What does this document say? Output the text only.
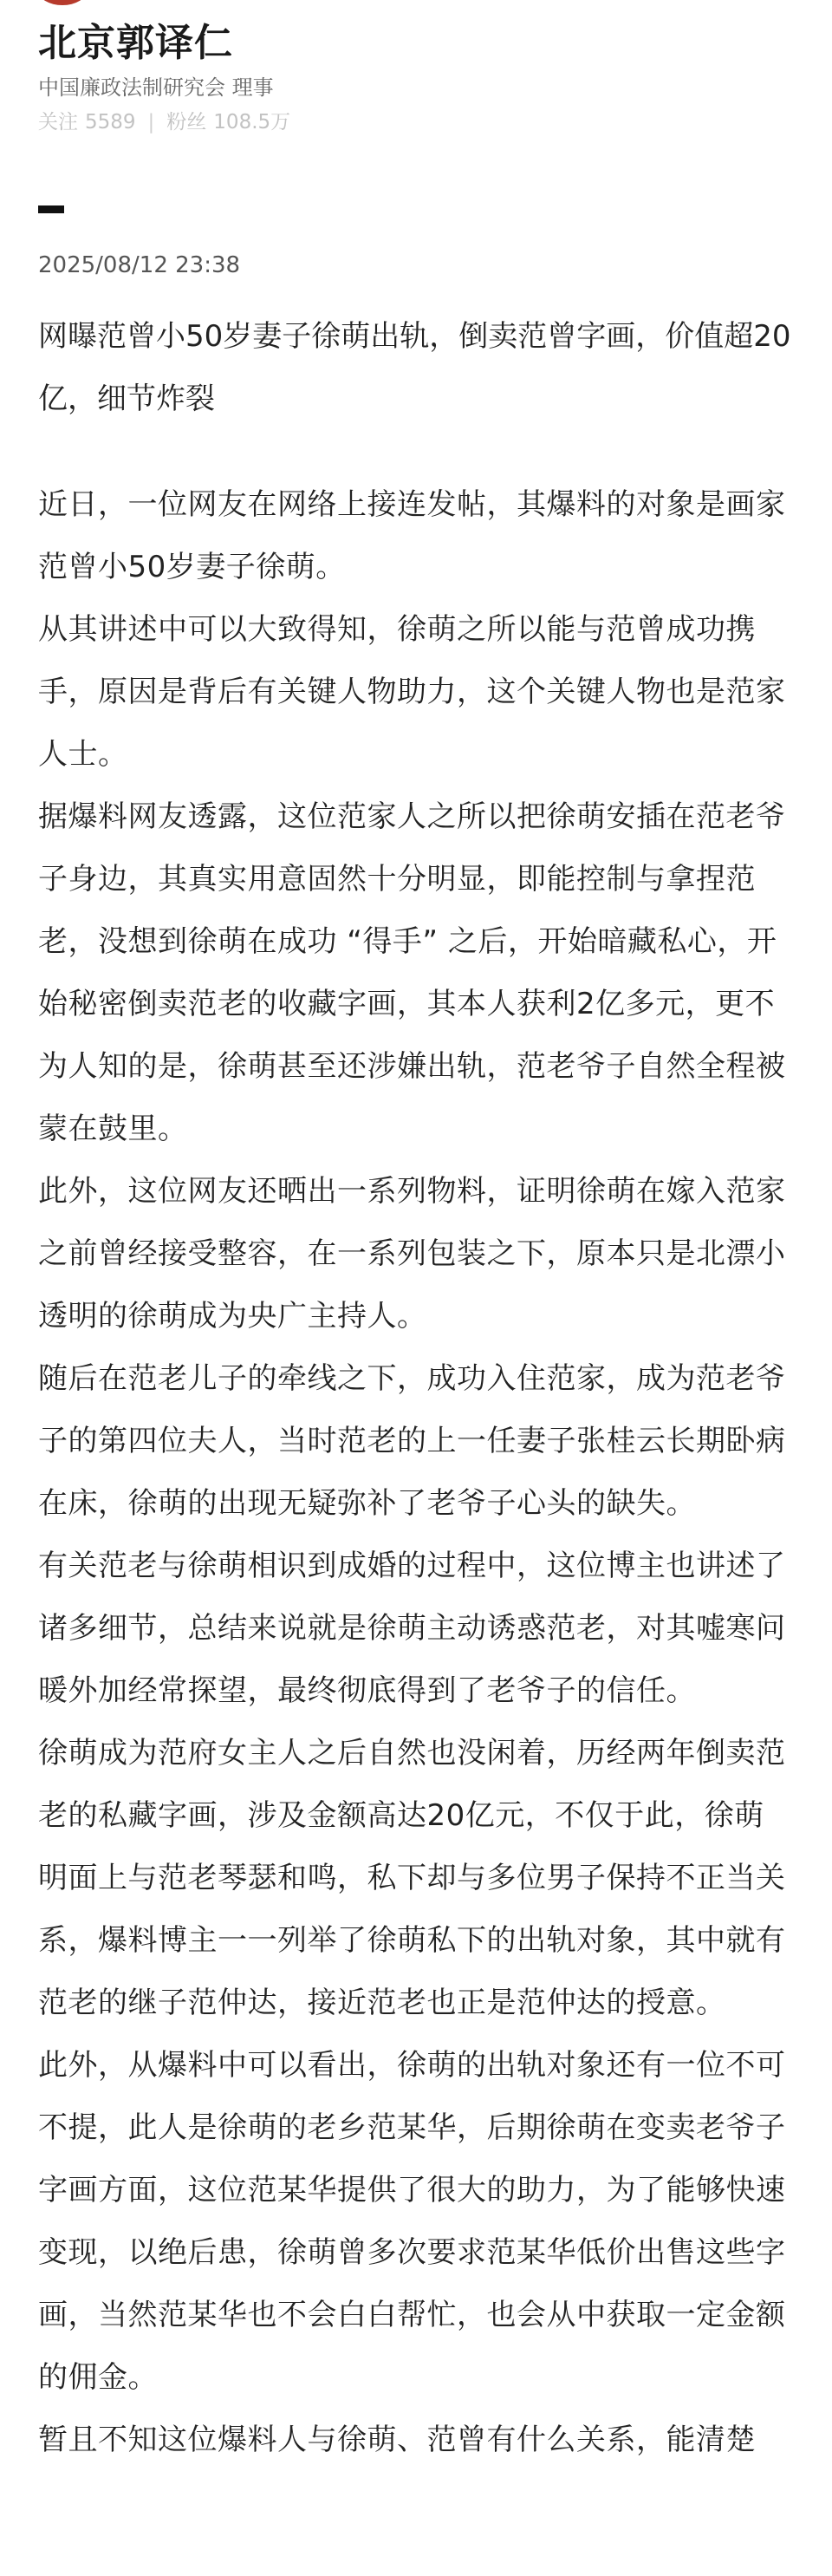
北京郭译仁
中国廉政法制研究会 理事
关注 5589 | 粉丝 108.5万
2025/08/12 23:38

网曝范曾小50岁妻子徐萌出轨，倒卖范曾字画，价值超20亿，细节炸裂

近日，一位网友在网络上接连发帖，其爆料的对象是画家范曾小50岁妻子徐萌。

从其讲述中可以大致得知，徐萌之所以能与范曾成功携手，原因是背后有关键人物助力，这个关键人物也是范家人士。

据爆料网友透露，这位范家人之所以把徐萌安插在范老爷子身边，其真实用意固然十分明显，即能控制与拿捏范老，没想到徐萌在成功 “得手” 之后，开始暗藏私心，开始秘密倒卖范老的收藏字画，其本人获利2亿多元，更不为人知的是，徐萌甚至还涉嫌出轨，范老爷子自然全程被蒙在鼓里。

此外，这位网友还晒出一系列物料，证明徐萌在嫁入范家之前曾经接受整容，在一系列包装之下，原本只是北漂小透明的徐萌成为央广主持人。

随后在范老儿子的牵线之下，成功入住范家，成为范老爷子的第四位夫人，当时范老的上一任妻子张桂云长期卧病在床，徐萌的出现无疑弥补了老爷子心头的缺失。

有关范老与徐萌相识到成婚的过程中，这位博主也讲述了诸多细节，总结来说就是徐萌主动诱惑范老，对其嘘寒问暖外加经常探望，最终彻底得到了老爷子的信任。

徐萌成为范府女主人之后自然也没闲着，历经两年倒卖范老的私藏字画，涉及金额高达20亿元，不仅于此，徐萌明面上与范老琴瑟和鸣，私下却与多位男子保持不正当关系，爆料博主一一列举了徐萌私下的出轨对象，其中就有范老的继子范仲达，接近范老也正是范仲达的授意。

此外，从爆料中可以看出，徐萌的出轨对象还有一位不可不提，此人是徐萌的老乡范某华，后期徐萌在变卖老爷子字画方面，这位范某华提供了很大的助力，为了能够快速变现，以绝后患，徐萌曾多次要求范某华低价出售这些字画，当然范某华也不会白白帮忙，也会从中获取一定金额的佣金。

暂且不知这位爆料人与徐萌、范曾有什么关系，能清楚
